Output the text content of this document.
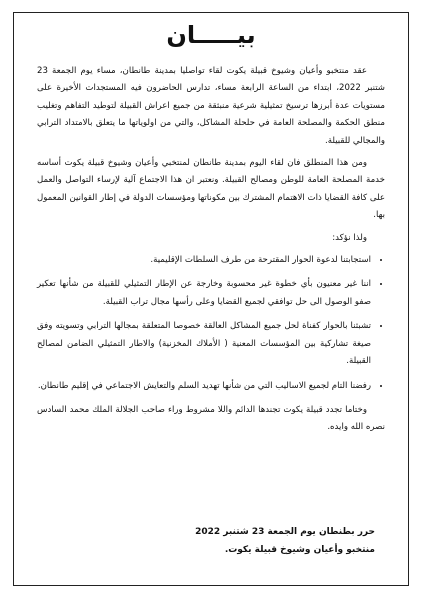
بيـــــان

عقد منتخبو وأعيان وشيوخ قبيلة يكوت لقاء تواصليا بمدينة طانطان، مساء يوم الجمعة 23 شتنبر 2022، ابتداء من الساعة الرابعة مساء، تدارس الحاضرون فيه المستجدات الأخيرة على مستويات عدة أبرزها ترسيخ تمثيلية شرعية منبثقة من جميع اعراش القبيلة لتوطيد التفاهم وتغليب منطق الحكمة والمصلحة العامة في حلحلة المشاكل، والتي من اولوياتها ما يتعلق بالامتداد الترابي والمجالي للقبيلة.

ومن هذا المنطلق فان لقاء اليوم بمدينة طانطان لمنتخبي وأعيان وشيوخ قبيلة يكوت أساسه خدمة المصلحة العامة للوطن ومصالح القبيلة. ونعتبر ان هذا الاجتماع آلية لإرساء التواصل والعمل على كافة القضايا ذات الاهتمام المشترك بين مكوناتها ومؤسسات الدولة في إطار القوانين المعمول بها.

ولذا نؤكد:

• استجابتنا لدعوة الحوار المقترحة من طرف السلطات الإقليمية.
• اننا غير معنيون بأي خطوة غير محسوبة وخارجة عن الإطار التمثيلي للقبيلة من شأنها تعكير صفو الوصول الى حل توافقي لجميع القضايا وعلى رأسها مجال تراب القبيلة.
• تشبثنا بالحوار كفناة لحل جميع المشاكل العالقة خصوصا المتعلقة بمجالها الترابي وتسويته وفق صيغة تشاركية بين المؤسسات المعنية ( الأملاك المخزنية) والاطار التمثيلي الضامن لمصالح القبيلة.
• رفضنا التام لجميع الاساليب التي من شأنها تهديد السلم والتعايش الاجتماعي في إقليم طانطان.

وختاما تجدد قبيلة يكوت تجندها الدائم واللا مشروط وراء صاحب الجلالة الملك محمد السادس نصره الله وايده.

حرر بطنطان يوم الجمعة 23 شتنبر 2022
منتخبو وأعيان وشيوخ قبيلة يكوت.
